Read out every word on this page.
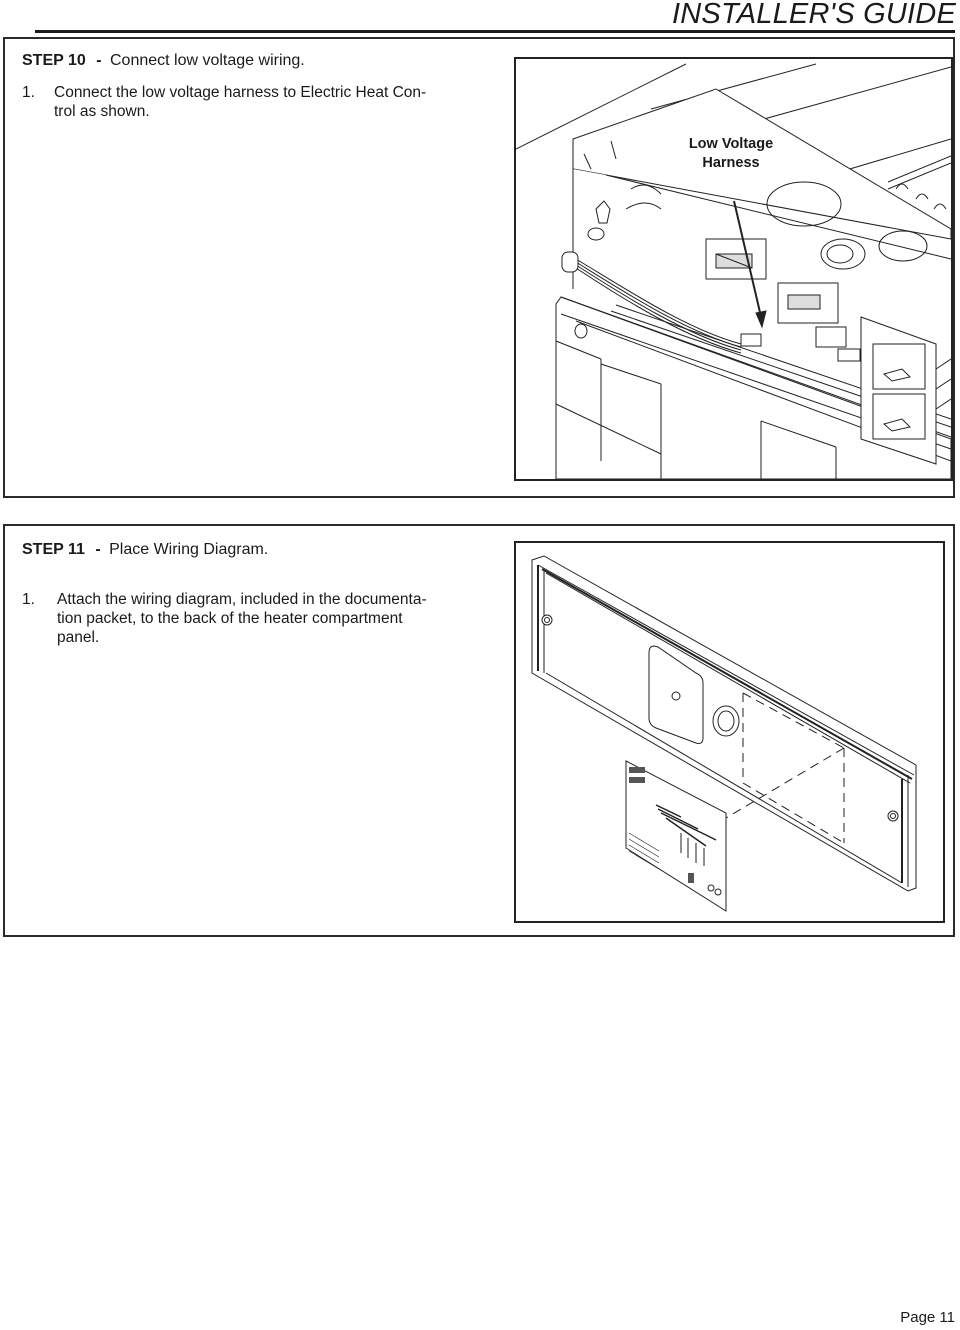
INSTALLER'S GUIDE
STEP 10 - Connect low voltage wiring.
1. Connect the low voltage harness to Electric Heat Con-
trol as shown.
Low Voltage
Harness
STEP 11 - Place Wiring Diagram.
1. Attach the wiring diagram, included in the documenta-
tion packet, to the back of the heater compartment
panel.
Page 11
